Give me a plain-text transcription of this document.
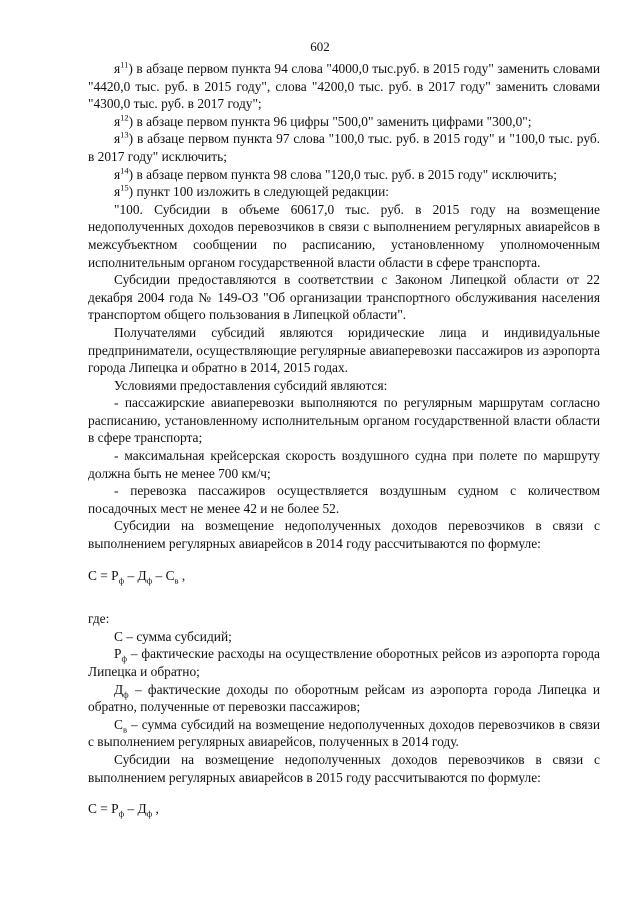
602

$я^{11}$) в абзаце первом пункта 94 слова "4000,0 тыс.руб. в 2015 году" заменить словами "4420,0 тыс. руб. в 2015 году", слова "4200,0 тыс. руб. в 2017 году" заменить словами "4300,0 тыс. руб. в 2017 году";

$я^{12}$) в абзаце первом пункта 96 цифры "500,0" заменить цифрами "300,0";

$я^{13}$) в абзаце первом пункта 97 слова "100,0 тыс. руб. в 2015 году" и "100,0 тыс. руб. в 2017 году" исключить;

$я^{14}$) в абзаце первом пункта 98 слова "120,0 тыс. руб. в 2015 году" исключить;

$я^{15}$) пункт 100 изложить в следующей редакции:

"100. Субсидии в объеме 60617,0 тыс. руб. в 2015 году на возмещение недополученных доходов перевозчиков в связи с выполнением регулярных авиарейсов в межсубъектном сообщении по расписанию, установленному уполномоченным исполнительным органом государственной власти области в сфере транспорта.

Субсидии предоставляются в соответствии с Законом Липецкой области от 22 декабря 2004 года № 149-ОЗ "Об организации транспортного обслуживания населения транспортом общего пользования в Липецкой области".

Получателями субсидий являются юридические лица и индивидуальные предприниматели, осуществляющие регулярные авиаперевозки пассажиров из аэропорта города Липецка и обратно в 2014, 2015 годах.

Условиями предоставления субсидий являются:

- пассажирские авиаперевозки выполняются по регулярным маршрутам согласно расписанию, установленному исполнительным органом государственной власти области в сфере транспорта;

- максимальная крейсерская скорость воздушного судна при полете по маршруту должна быть не менее 700 км/ч;

- перевозка пассажиров осуществляется воздушным судном с количеством посадочных мест не менее 42 и не более 52.

Субсидии на возмещение недополученных доходов перевозчиков в связи с выполнением регулярных авиарейсов в 2014 году рассчитываются по формуле:

$С = Р_ф - Д_ф - С_в$ ,

где:

С – сумма субсидий;

$Р_ф$ – фактические расходы на осуществление оборотных рейсов из аэропорта города Липецка и обратно;

$Д_ф$ – фактические доходы по оборотным рейсам из аэропорта города Липецка и обратно, полученные от перевозки пассажиров;

$С_в$ – сумма субсидий на возмещение недополученных доходов перевозчиков в связи с выполнением регулярных авиарейсов, полученных в 2014 году.

Субсидии на возмещение недополученных доходов перевозчиков в связи с выполнением регулярных авиарейсов в 2015 году рассчитываются по формуле:

$С = Р_ф - Д_ф$ ,
